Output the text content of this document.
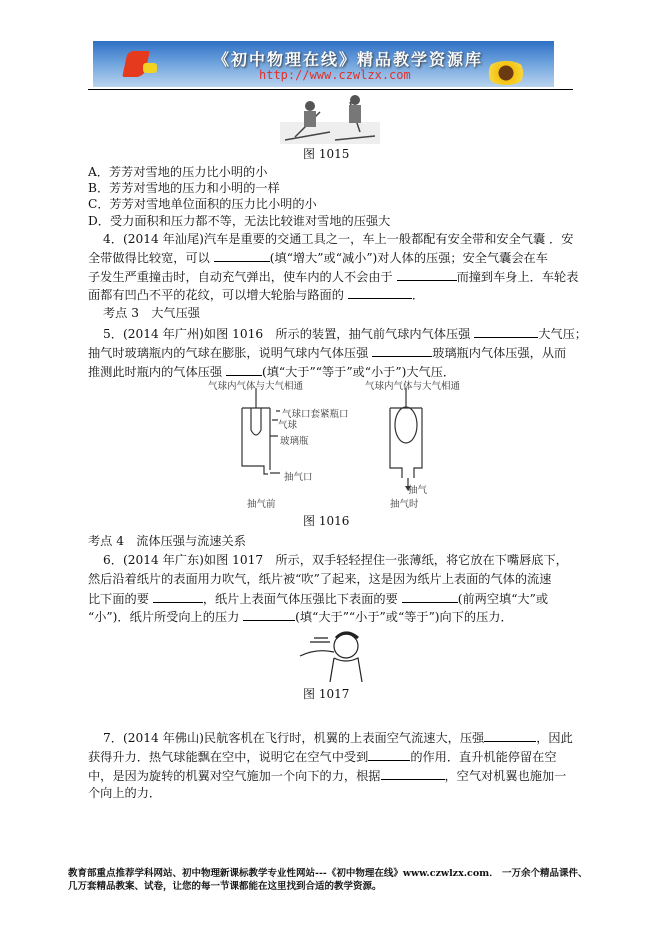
《初中物理在线》精品教学资源库
http://www.czwlzx.com
图 1015
A．芳芳对雪地的压力比小明的小
B．芳芳对雪地的压力和小明的一样
C．芳芳对雪地单位面积的压力比小明的小
D．受力面积和压力都不等，无法比较谁对雪地的压强大
4．(2014 年汕尾)汽车是重要的交通工具之一，车上一般都配有安全带和安全气囊 ．安
全带做得比较宽，可以	(填“增大”或“减小”)对人体的压强；安全气囊会在车
子发生严重撞击时，自动充气弹出，使车内的人不会由于	而撞到车身上．车轮表
面都有凹凸不平的花纹，可以增大轮胎与路面的	．
考点 3　大气压强
5．(2014 年广州)如图 1016　所示的装置，抽气前气球内气体压强	大气压；
抽气时玻璃瓶内的气球在膨胀，说明气球内气体压强	玻璃瓶内气体压强，从而
推测此时瓶内的气体压强	(填“大于”“等于”或“小于”)大气压．
气球内气体与大气相通	气球内气体与大气相通
气球口套紧瓶口
气球
玻璃瓶
抽气口
抽气
抽气前	抽气时
图 1016
考点 4　流体压强与流速关系
6．(2014 年广东)如图 1017　所示，双手轻轻捏住一张薄纸，将它放在下嘴唇底下，
然后沿着纸片的表面用力吹气，纸片被“吹”了起来，这是因为纸片上表面的气体的流速
比下面的要	，纸片上表面气体压强比下表面的要	(前两空填“大”或
“小”)．纸片所受向上的压力	(填“大于”“小于”或“等于”)向下的压力．
图 1017
7．(2014 年佛山)民航客机在飞行时，机翼的上表面空气流速大，压强	，因此
获得升力．热气球能飘在空中，说明它在空气中受到	的作用．直升机能停留在空
中，是因为旋转的机翼对空气施加一个向下的力，根据	，空气对机翼也施加一
个向上的力．
教育部重点推荐学科网站、初中物理新课标教学专业性网站---《初中物理在线》www.czwlzx.com． 一万余个精品课件、
几万套精品教案、试卷，让您的每一节课都能在这里找到合适的教学资源。
